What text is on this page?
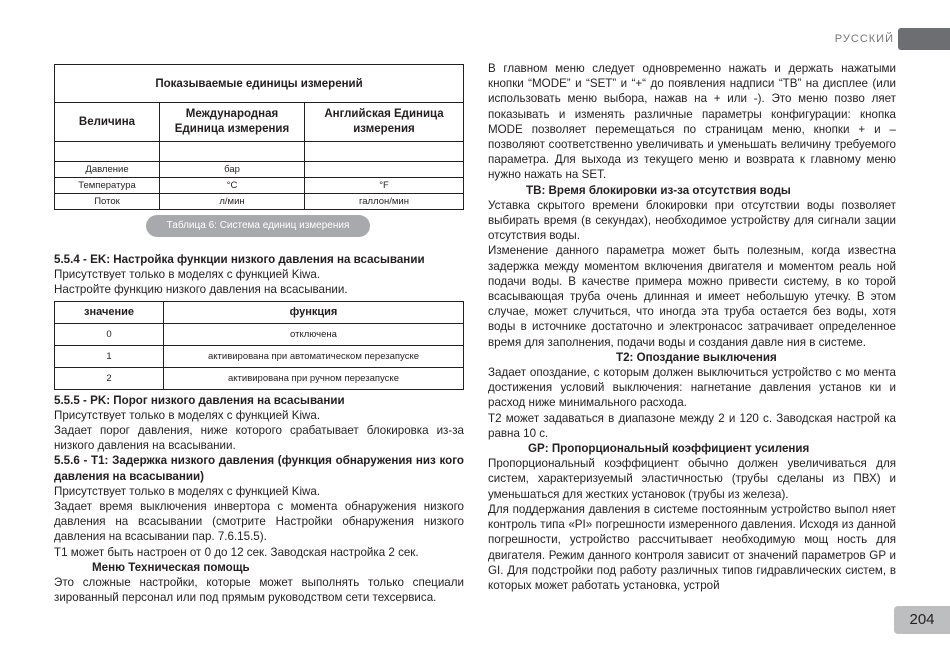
РУССКИЙ
Показываемые единицы измерений		
Величина	Международная Единица измерения	Английская Единица измерения

Давление	бар	
Температура	°C	°F
Поток	л/мин	галлон/мин
Таблица 6: Система единиц измерения

5.5.4 - EK: Настройка функции низкого давления на всасывании

Присутствует только в моделях с функцией Kiwa.

Настройте функцию низкого давления на всасывании.

значение	функция
0	отключена
1	активирована при автоматическом перезапуске
2	активирована при ручном перезапуске

5.5.5 - PK: Порог низкого давления на всасывании

Присутствует только в моделях с функцией Kiwa.

Задает порог давления, ниже которого срабатывает блокировка из-за низкого давления на всасывании.

5.5.6 - T1: Задержка низкого давления (функция обнаружения низ кого давления на всасывании)

Присутствует только в моделях с функцией Kiwa.

Задает время выключения инвертора с момента обнаружения низкого давления на всасывании (смотрите Настройки обнаружения низкого давления на всасывании пар. 7.6.15.5).

T1 может быть настроен от 0 до 12 сек. Заводская настройка 2 сек.

Меню Техническая помощь

Это сложные настройки, которые может выполнять только специали зированный персонал или под прямым руководством сети техсервиса.

В главном меню следует одновременно нажать и держать нажатыми кнопки “MODE” и “SET” и “+“ до появления надписи “TB” на дисплее (или использовать меню выбора, нажав на + или -). Это меню позво ляет показывать и изменять различные параметры конфигурации: кнопка MODE позволяет перемещаться по страницам меню, кнопки + и – позволяют соответственно увеличивать и уменьшать величину требуемого параметра. Для выхода из текущего меню и возврата к главному меню нужно нажать на SET.

TB: Время блокировки из-за отсутствия воды

Уставка скрытого времени блокировки при отсутствии воды позволяет выбирать время (в секундах), необходимое устройству для сигнали зации отсутствия воды.

Изменение данного параметра может быть полезным, когда известна задержка между моментом включения двигателя и моментом реаль ной подачи воды. В качестве примера можно привести систему, в ко торой всасывающая труба очень длинная и имеет небольшую утечку. В этом случае, может случиться, что иногда эта труба остается без воды, хотя воды в источнике достаточно и электронасос затрачивает определенное время для заполнения, подачи воды и создания давле ния в системе.

T2: Опоздание выключения

Задает опоздание, с которым должен выключиться устройство с мо мента достижения условий выключения: нагнетание давления установ ки и расход ниже минимального расхода.

T2 может задаваться в диапазоне между 2 и 120 с. Заводская настрой ка равна 10 с.

GP: Пропорциональный коэффициент усиления

Пропорциональный коэффициент обычно должен увеличиваться для систем, характеризуемый эластичностью (трубы сделаны из ПВХ) и уменьшаться для жестких установок (трубы из железа).

Для поддержания давления в системе постоянным устройство выпол няет контроль типа «PI» погрешности измеренного давления. Исходя из данной погрешности, устройство рассчитывает необходимую мощ ность для двигателя. Режим данного контроля зависит от значений параметров GP и GI. Для подстройки под работу различных типов гидравлических систем, в которых может работать установка, устрой

204
